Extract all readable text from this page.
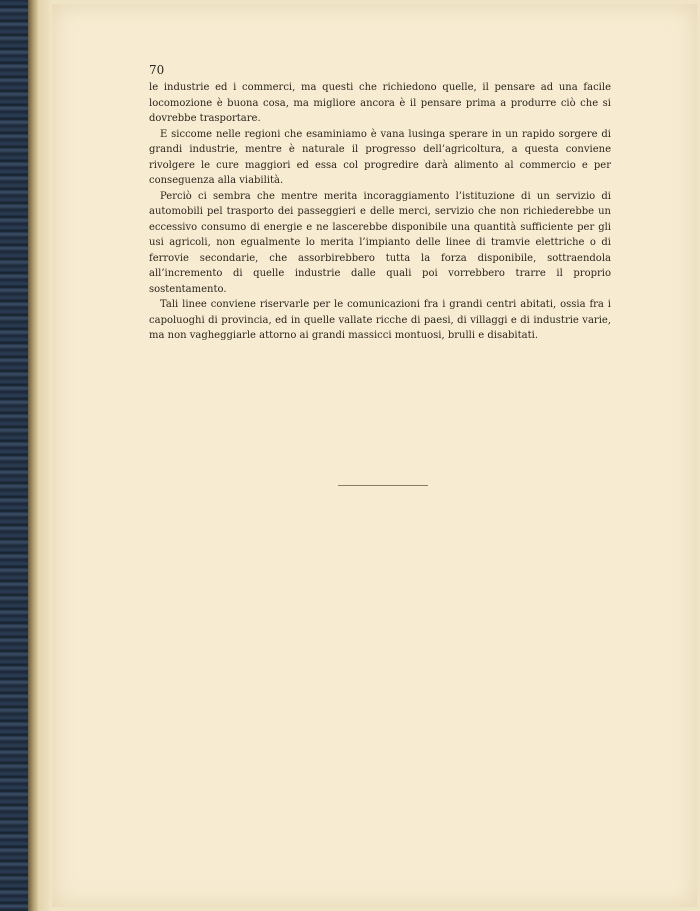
70

le industrie ed i commerci, ma questi che richiedono quelle, il pensare ad una facile locomozione è buona cosa, ma migliore ancora è il pensare prima a produrre ciò che si dovrebbe trasportare.

E siccome nelle regioni che esaminiamo è vana lusinga sperare in un rapido sorgere di grandi industrie, mentre è naturale il progresso dell’agricoltura, a questa conviene rivolgere le cure maggiori ed essa col progredire darà alimento al commercio e per conseguenza alla viabilità.

Perciò ci sembra che mentre merita incoraggiamento l’istituzione di un servizio di automobili pel trasporto dei passeggieri e delle merci, servizio che non richiederebbe un eccessivo consumo di energie e ne lascerebbe disponibile una quantità sufficiente per gli usi agricoli, non egualmente lo merita l’impianto delle linee di tramvie elettriche o di ferrovie secondarie, che assorbirebbero tutta la forza disponibile, sottraendola all’incremento di quelle industrie dalle quali poi vorrebbero trarre il proprio sostentamento.

Tali linee conviene riservarle per le comunicazioni fra i grandi centri abitati, ossia fra i capoluoghi di provincia, ed in quelle vallate ricche di paesi, di villaggi e di industrie varie, ma non vagheggiarle attorno ai grandi massicci montuosi, brulli e disabitati.
